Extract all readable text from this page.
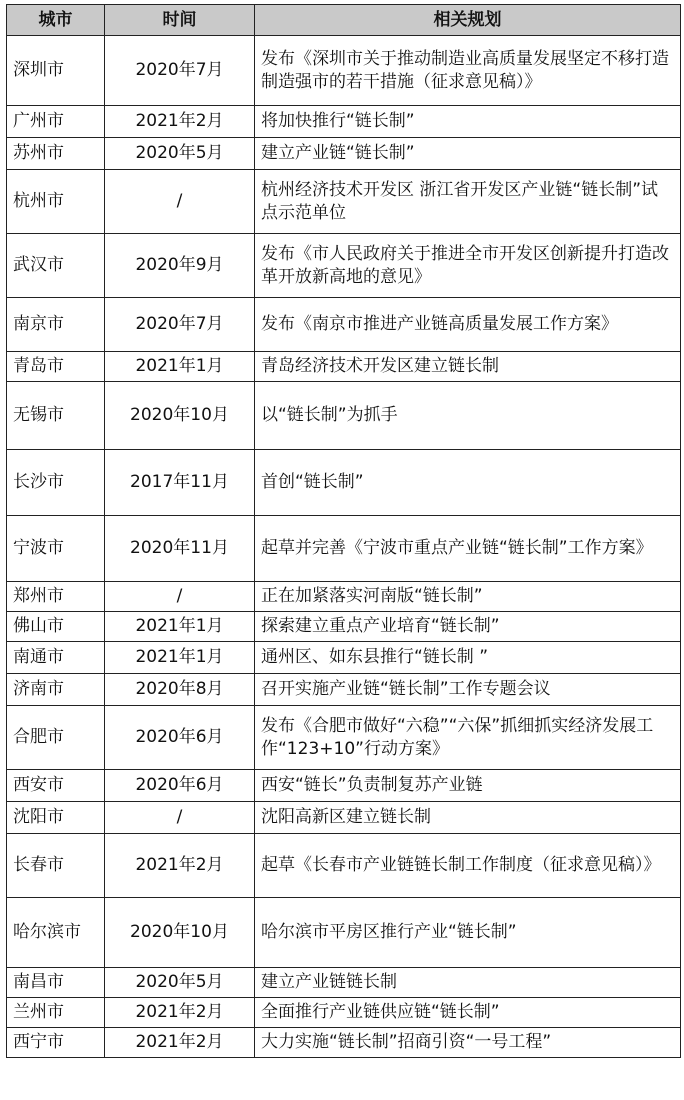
城市	时间	相关规划
深圳市	2020年7月	发布《深圳市关于推动制造业高质量发展坚定不移打造制造强市的若干措施（征求意见稿）》
广州市	2021年2月	将加快推行“链长制”
苏州市	2020年5月	建立产业链“链长制”
杭州市	/	杭州经济技术开发区 浙江省开发区产业链“链长制”试点示范单位
武汉市	2020年9月	发布《市人民政府关于推进全市开发区创新提升打造改革开放新高地的意见》
南京市	2020年7月	发布《南京市推进产业链高质量发展工作方案》
青岛市	2021年1月	青岛经济技术开发区建立链长制
无锡市	2020年10月	以“链长制”为抓手
长沙市	2017年11月	首创“链长制”
宁波市	2020年11月	起草并完善《宁波市重点产业链“链长制”工作方案》
郑州市	/	正在加紧落实河南版“链长制”
佛山市	2021年1月	探索建立重点产业培育“链长制”
南通市	2021年1月	通州区、如东县推行“链长制 ”
济南市	2020年8月	召开实施产业链“链长制”工作专题会议
合肥市	2020年6月	发布《合肥市做好“六稳”“六保”抓细抓实经济发展工作“123+10”行动方案》
西安市	2020年6月	西安“链长”负责制复苏产业链
沈阳市	/	沈阳高新区建立链长制
长春市	2021年2月	起草《长春市产业链链长制工作制度（征求意见稿）》
哈尔滨市	2020年10月	哈尔滨市平房区推行产业“链长制”
南昌市	2020年5月	建立产业链链长制
兰州市	2021年2月	全面推行产业链供应链“链长制”
西宁市	2021年2月	大力实施“链长制”招商引资“一号工程”
